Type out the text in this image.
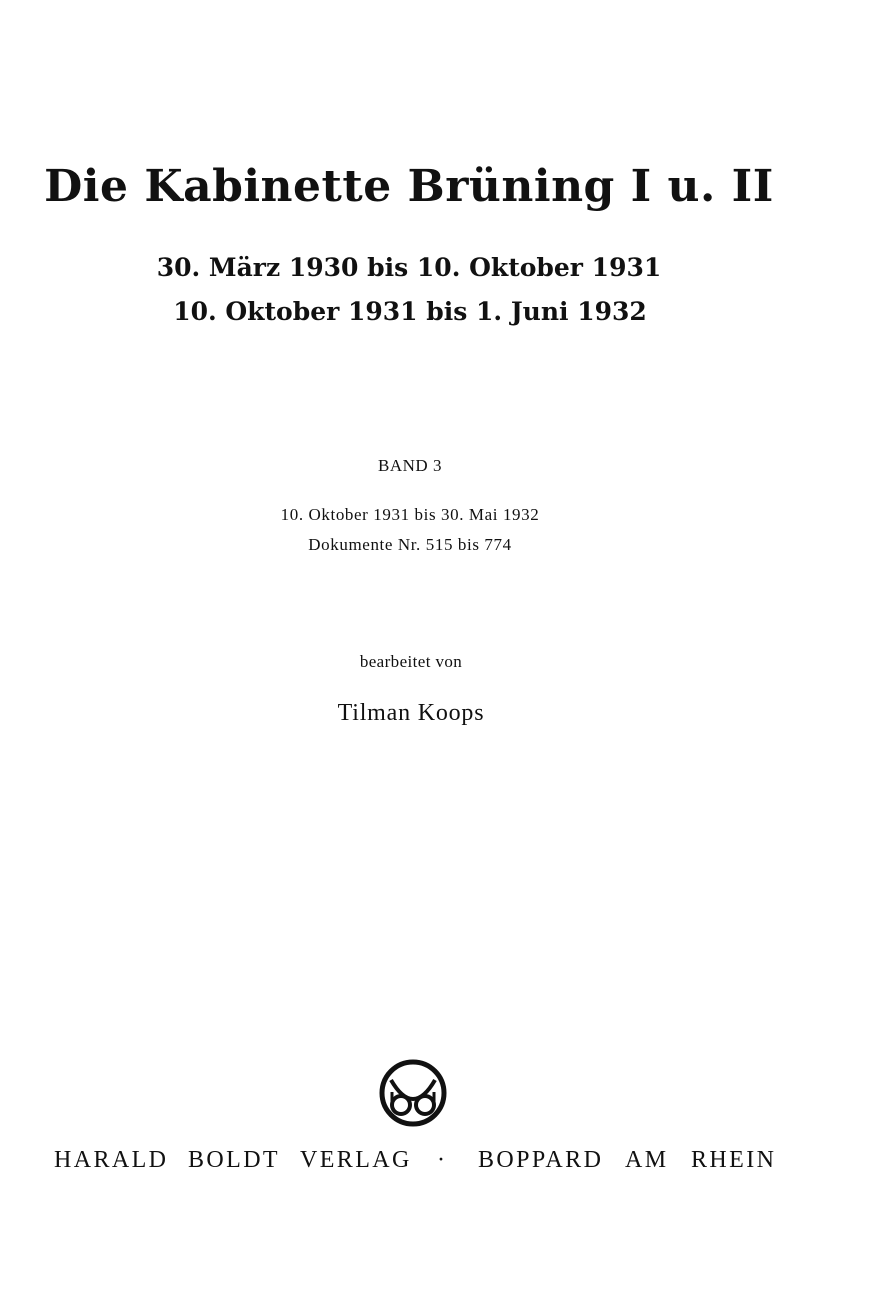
Die Kabinette Brüning I u. II
30. März 1930 bis 10. Oktober 1931
10. Oktober 1931 bis 1. Juni 1932
BAND 3
10. Oktober 1931 bis 30. Mai 1932
Dokumente Nr. 515 bis 774
bearbeitet von
Tilman Koops
HARALD BOLDT VERLAG · BOPPARD AM RHEIN
